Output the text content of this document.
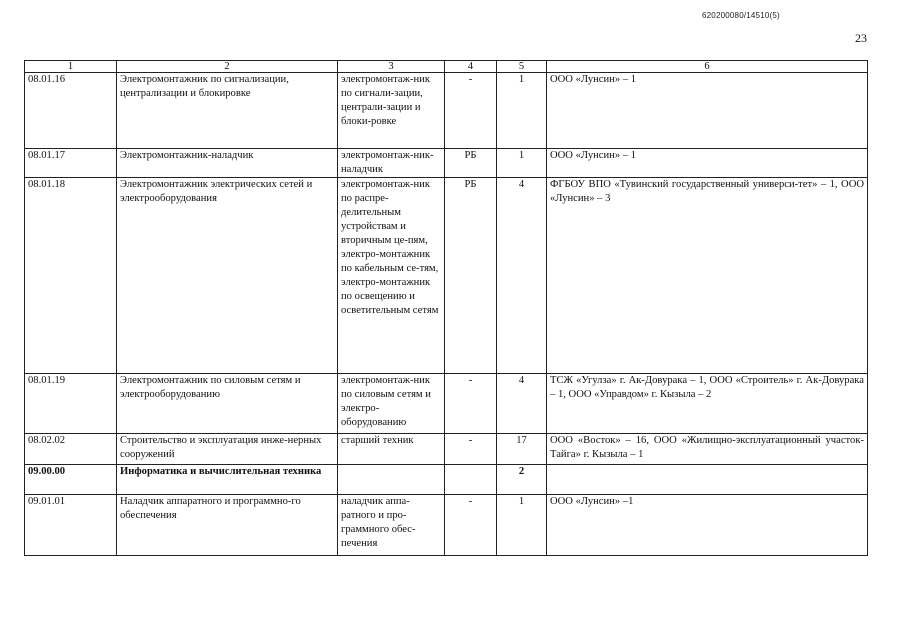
620200080/14510(5)
23
1	2	3	4	5	6
08.01.16	Электромонтажник по сигнализации, централизации и блокировке	электромонтаж-ник по сигнали-зации, централи-зации и блоки-ровке	-	1	ООО «Лунсин» – 1
08.01.17	Электромонтажник-наладчик	электромонтаж-ник-наладчик	РБ	1	ООО «Лунсин» – 1
08.01.18	Электромонтажник электрических сетей и электрооборудования	электромонтаж-ник по распре-делительным устройствам и вторичным це-пям, электро-монтажник по кабельным се-тям, электро-монтажник по освещению и осветительным сетям	РБ	4	ФГБОУ ВПО «Тувинский государственный универси-тет» – 1, ООО «Лунсин» – 3
08.01.19	Электромонтажник по силовым сетям и электрооборудованию	электромонтаж-ник по силовым сетям и электро-оборудованию	-	4	ТСЖ «Угулза» г. Ак-Довурака – 1, ООО «Строитель» г. Ак-Довурака – 1, ООО «Управдом» г. Кызыла – 2
08.02.02	Строительство и эксплуатация инже-нерных сооружений	старший техник	-	17	ООО «Восток» – 16, ООО «Жилищно-эксплуатационный участок-Тайга» г. Кызыла – 1
09.00.00	Информатика и вычислительная техника			2	
09.01.01	Наладчик аппаратного и программно-го обеспечения	наладчик аппа-ратного и про-граммного обес-печения	-	1	ООО «Лунсин» –1
